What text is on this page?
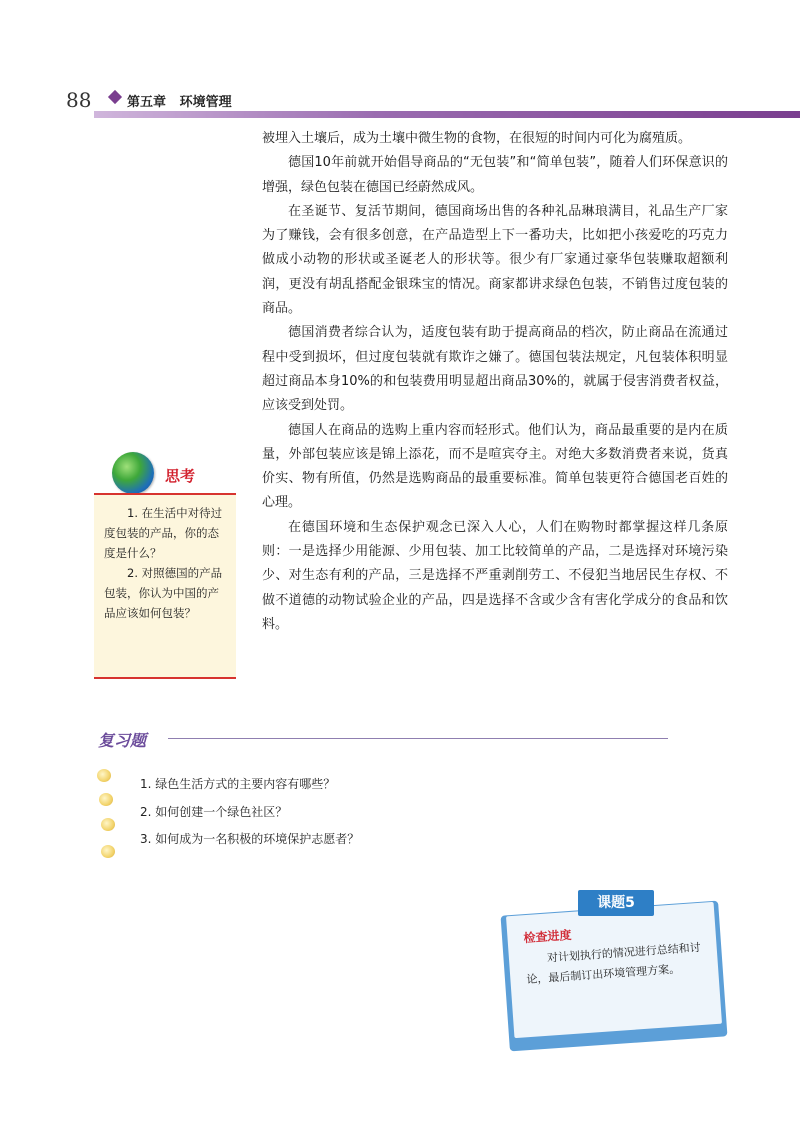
88	第五章 环境管理

被埋入土壤后，成为土壤中微生物的食物，在很短的时间内可化为腐殖质。

德国10年前就开始倡导商品的“无包装”和“简单包装”，随着人们环保意识的增强，绿色包装在德国已经蔚然成风。

在圣诞节、复活节期间，德国商场出售的各种礼品琳琅满目，礼品生产厂家为了赚钱，会有很多创意，在产品造型上下一番功夫，比如把小孩爱吃的巧克力做成小动物的形状或圣诞老人的形状等。很少有厂家通过豪华包装赚取超额利润，更没有胡乱搭配金银珠宝的情况。商家都讲求绿色包装，不销售过度包装的商品。

德国消费者综合认为，适度包装有助于提高商品的档次，防止商品在流通过程中受到损坏，但过度包装就有欺诈之嫌了。德国包装法规定，凡包装体积明显超过商品本身10%的和包装费用明显超出商品30%的，就属于侵害消费者权益，应该受到处罚。

德国人在商品的选购上重内容而轻形式。他们认为，商品最重要的是内在质量，外部包装应该是锦上添花，而不是喧宾夺主。对绝大多数消费者来说，货真价实、物有所值，仍然是选购商品的最重要标准。简单包装更符合德国老百姓的心理。

在德国环境和生态保护观念已深入人心，人们在购物时都掌握这样几条原则：一是选择少用能源、少用包装、加工比较简单的产品，二是选择对环境污染少、对生态有利的产品，三是选择不严重剥削劳工、不侵犯当地居民生存权、不做不道德的动物试验企业的产品，四是选择不含或少含有害化学成分的食品和饮料。

思考

1. 在生活中对待过度包装的产品，你的态度是什么？

2. 对照德国的产品包装，你认为中国的产品应该如何包装？

复习题
1. 绿色生活方式的主要内容有哪些？
2. 如何创建一个绿色社区？
3. 如何成为一名积极的环境保护志愿者？
课题5
检查进度
对计划执行的情况进行总结和讨论，最后制订出环境管理方案。
